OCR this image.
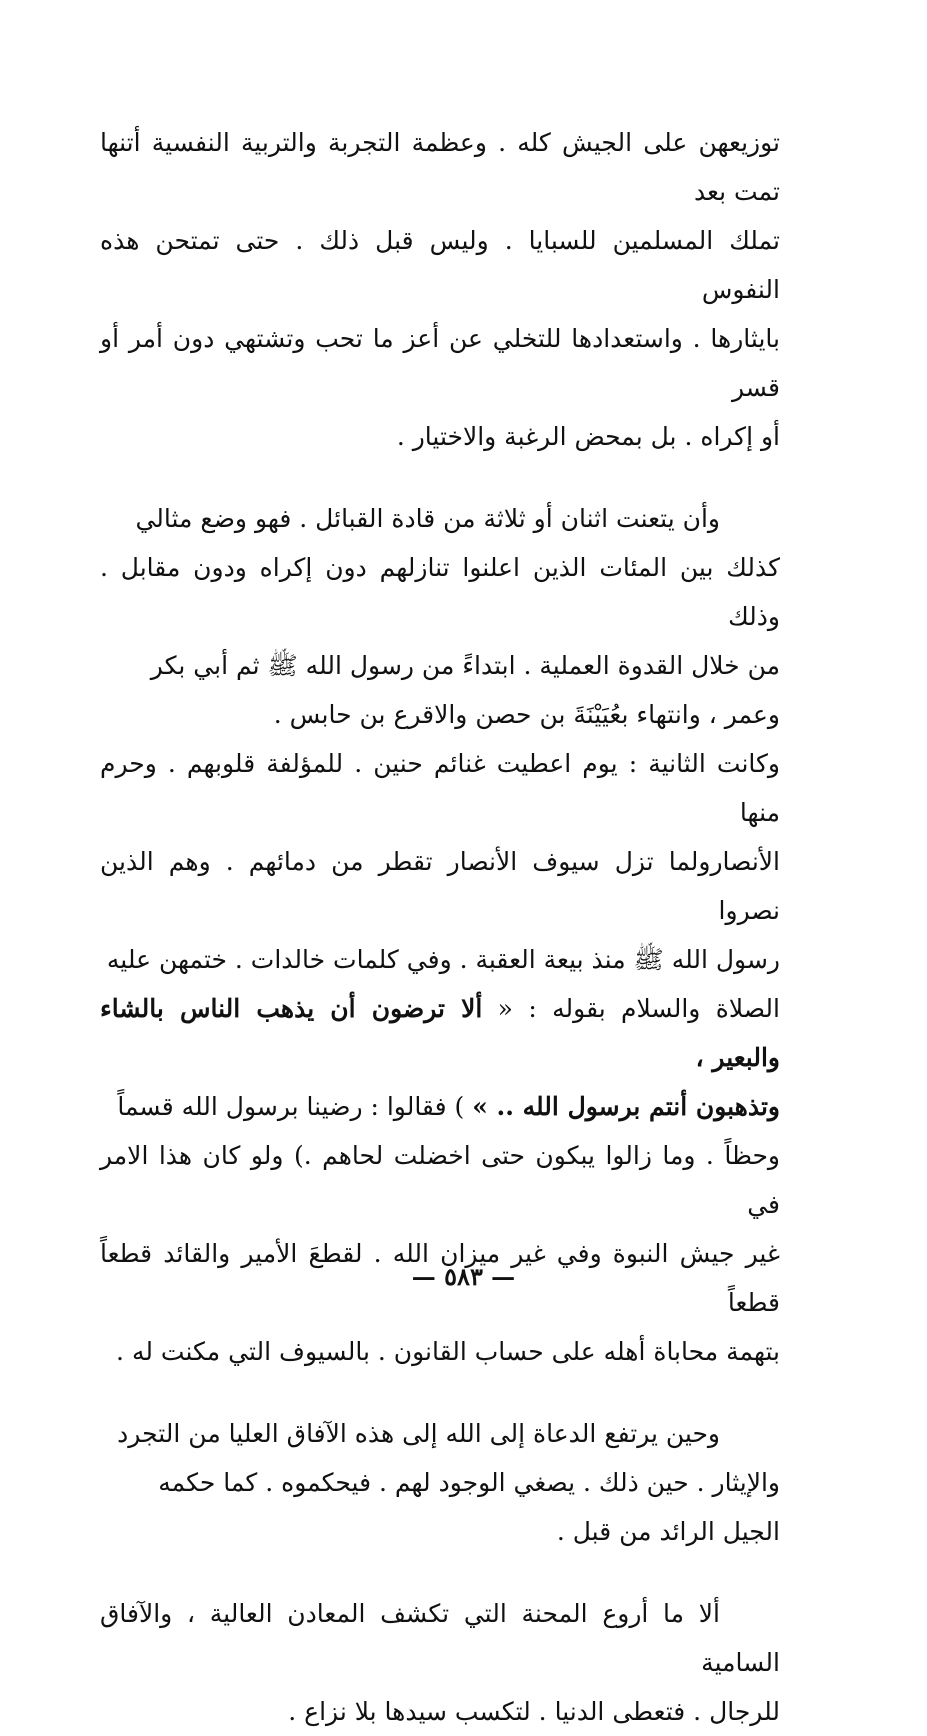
توزيعهن على الجيش كله . وعظمة التجربة والتربية النفسية أتنها تمت بعد
تملك المسلمين للسبايا . وليس قبل ذلك . حتى تمتحن هذه النفوس
بايثارها . واستعدادها للتخلي عن أعز ما تحب وتشتهي دون أمر أو قسر
أو إكراه . بل بمحض الرغبة والاختيار .
وأن يتعنت اثنان أو ثلاثة من قادة القبائل . فهو وضع مثالي
كذلك بين المئات الذين اعلنوا تنازلهم دون إكراه ودون مقابل . وذلك
من خلال القدوة العملية . ابتداءً من رسول الله ﷺ ثم أبي بكر
وعمر ، وانتهاء بعُيَيْنَةَ بن حصن والاقرع بن حابس .
وكانت الثانية : يوم اعطيت غنائم حنين . للمؤلفة قلوبهم . وحرم منها
الأنصارولما تزل سيوف الأنصار تقطر من دمائهم . وهم الذين نصروا
رسول الله ﷺ منذ بيعة العقبة . وفي كلمات خالدات . ختمهن عليه
الصلاة والسلام بقوله : « ألا ترضون أن يذهب الناس بالشاء والبعير ،
وتذهبون أنتم برسول الله .. » ) فقالوا : رضينا برسول الله قسماً
وحظاً . وما زالوا يبكون حتى اخضلت لحاهم .) ولو كان هذا الامر في
غير جيش النبوة وفي غير ميزان الله . لقطعَ الأمير والقائد قطعاً قطعاً
بتهمة محاباة أهله على حساب القانون . بالسيوف التي مكنت له .
وحين يرتفع الدعاة إلى الله إلى هذه الآفاق العليا من التجرد
والإيثار . حين ذلك . يصغي الوجود لهم . فيحكموه . كما حكمه
الجيل الرائد من قبل .
ألا ما أروع المحنة التي تكشف المعادن العالية ، والآفاق السامية
للرجال . فتعطى الدنيا . لتكسب سيدها بلا نزاع .
— ٥٨٣ —
